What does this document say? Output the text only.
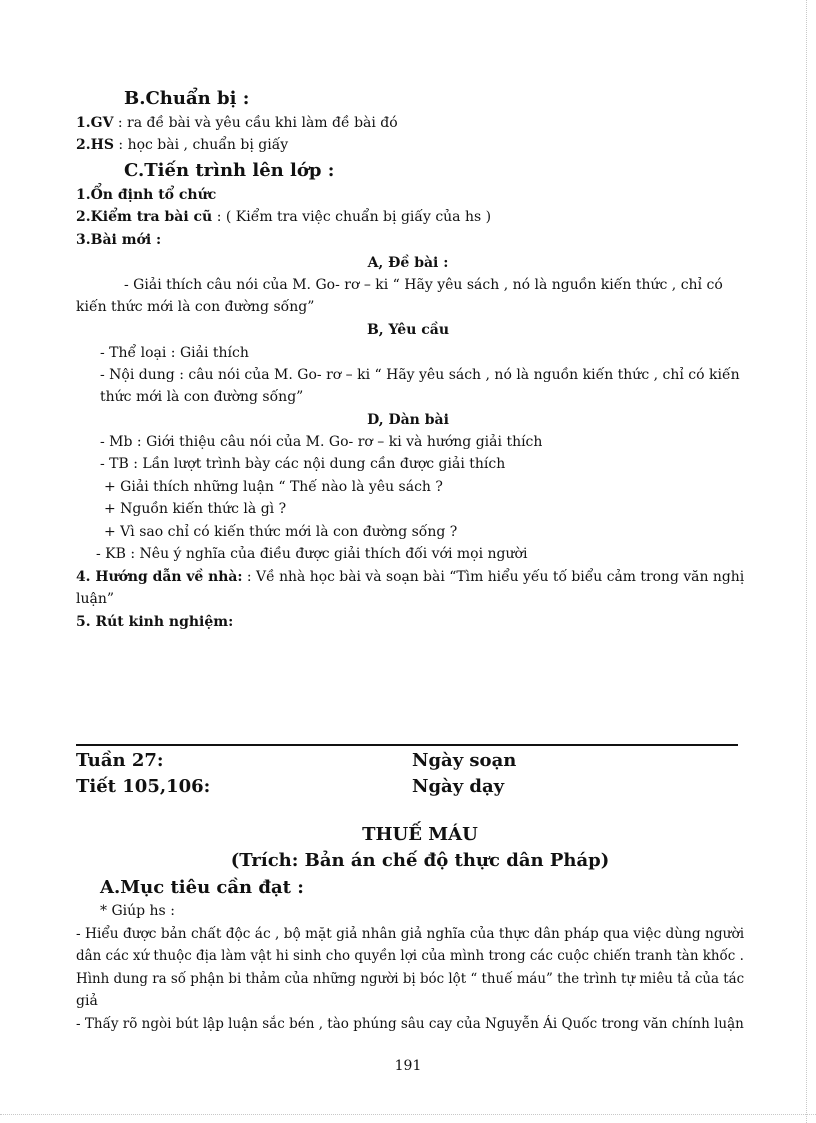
B.Chuẩn bị :
1.GV : ra đề bài và yêu cầu khi làm đề bài đó
2.HS : học bài , chuẩn bị giấy
C.Tiến trình lên lớp :
1.Ổn định tổ chức
2.Kiểm tra bài cũ : ( Kiểm tra việc chuẩn bị giấy của hs )
3.Bài mới :
A, Đề bài :
- Giải thích câu nói của M. Go- rơ – ki “ Hãy yêu sách , nó là nguồn kiến thức , chỉ có
kiến thức mới là con đường sống”
B, Yêu cầu
- Thể loại : Giải thích
- Nội dung : câu nói của M. Go- rơ – ki “ Hãy yêu sách , nó là nguồn kiến thức , chỉ có kiến
thức mới là con đường sống”
D, Dàn bài
- Mb : Giới thiệu câu nói của M. Go- rơ – ki và hướng giải thích
- TB : Lần lượt trình bày các nội dung cần được giải thích
+ Giải thích những luận “ Thế nào là yêu sách ?
+ Nguồn kiến thức là gì ?
+ Vì sao chỉ có kiến thức mới là con đường sống ?
- KB : Nêu ý nghĩa của điều được giải thích đối với mọi người
4. Hướng dẫn về nhà: : Về nhà học bài và soạn bài “Tìm hiểu yếu tố biểu cảm trong văn nghị
luận”
5. Rút kinh nghiệm:
Tuần 27:	Ngày soạn
Tiết 105,106:	Ngày dạy
THUẾ MÁU
(Trích: Bản án chế độ thực dân Pháp)
A.Mục tiêu cần đạt :
* Giúp hs :
- Hiểu được bản chất độc ác , bộ mặt giả nhân giả nghĩa của thực dân pháp qua việc dùng người
dân các xứ thuộc địa làm vật hi sinh cho quyền lợi của mình trong các cuộc chiến tranh tàn khốc .
Hình dung ra số phận bi thảm của những người bị bóc lột “ thuế máu” the trình tự miêu tả của tác
giả
- Thấy rõ ngòi bút lập luận sắc bén , tào phúng sâu cay của Nguyễn Ái Quốc trong văn chính luận
191
